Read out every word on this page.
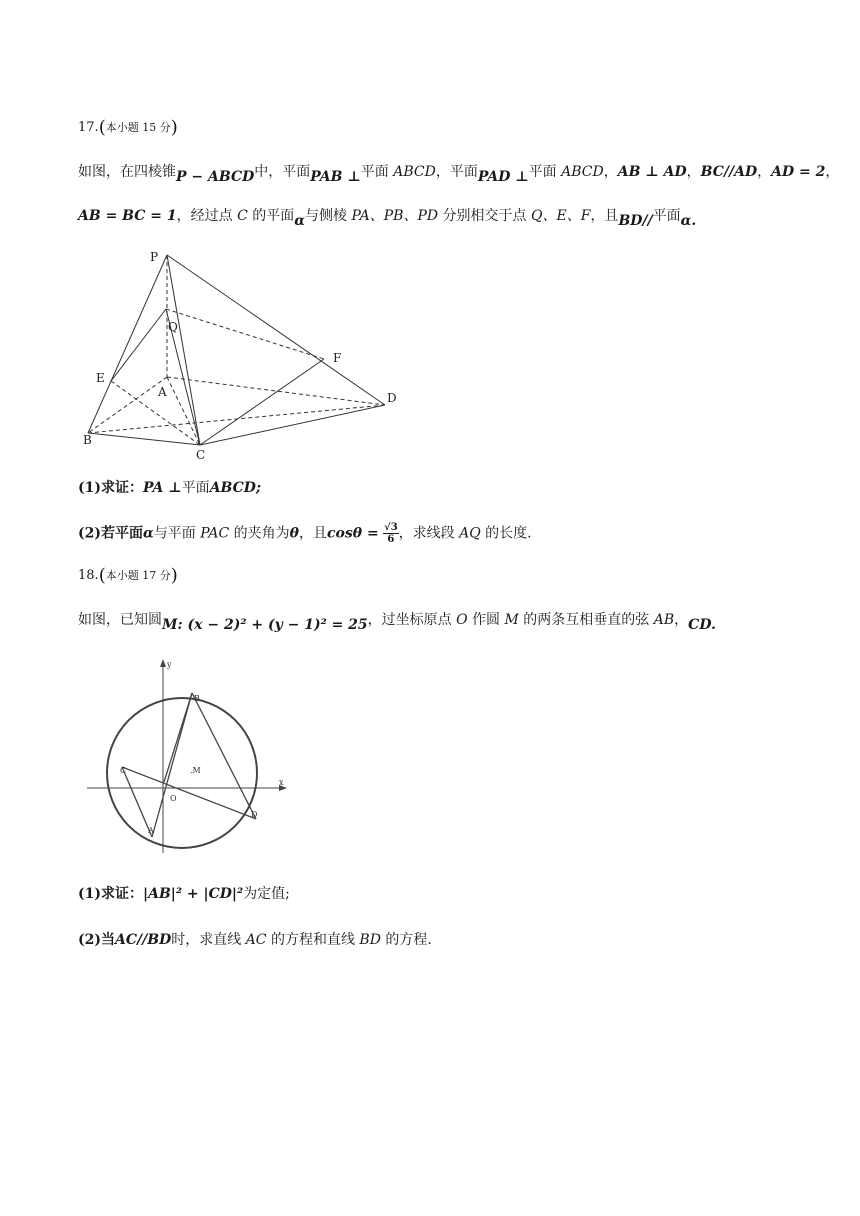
17.(本小题 15 分)
如图，在四棱锥P − ABCD中，平面PAB ⊥平面 ABCD，平面PAD ⊥平面 ABCD，AB ⊥ AD，BC//AD，AD = 2，
AB = BC = 1，经过点 C 的平面α与侧棱 PA、PB、PD 分别相交于点 Q、E、F，且BD//平面α.
P
Q
E
F
A
B
C
D
(1)求证：PA ⊥平面ABCD;
(2)若平面α与平面 PAC 的夹角为θ，且$\cos\theta = \frac{√3}{6}$ ，求线段 AQ 的长度.
18.(本小题 17 分)
如图，已知圆M: (x − 2)² + (y − 1)² = 25，过坐标原点 O 作圆 M 的两条互相垂直的弦 AB，CD.
y
x
O
.M
B
A
C
D
(1)求证：|AB|² + |CD|²为定值;
(2)当AC//BD时，求直线 AC 的方程和直线 BD 的方程.
